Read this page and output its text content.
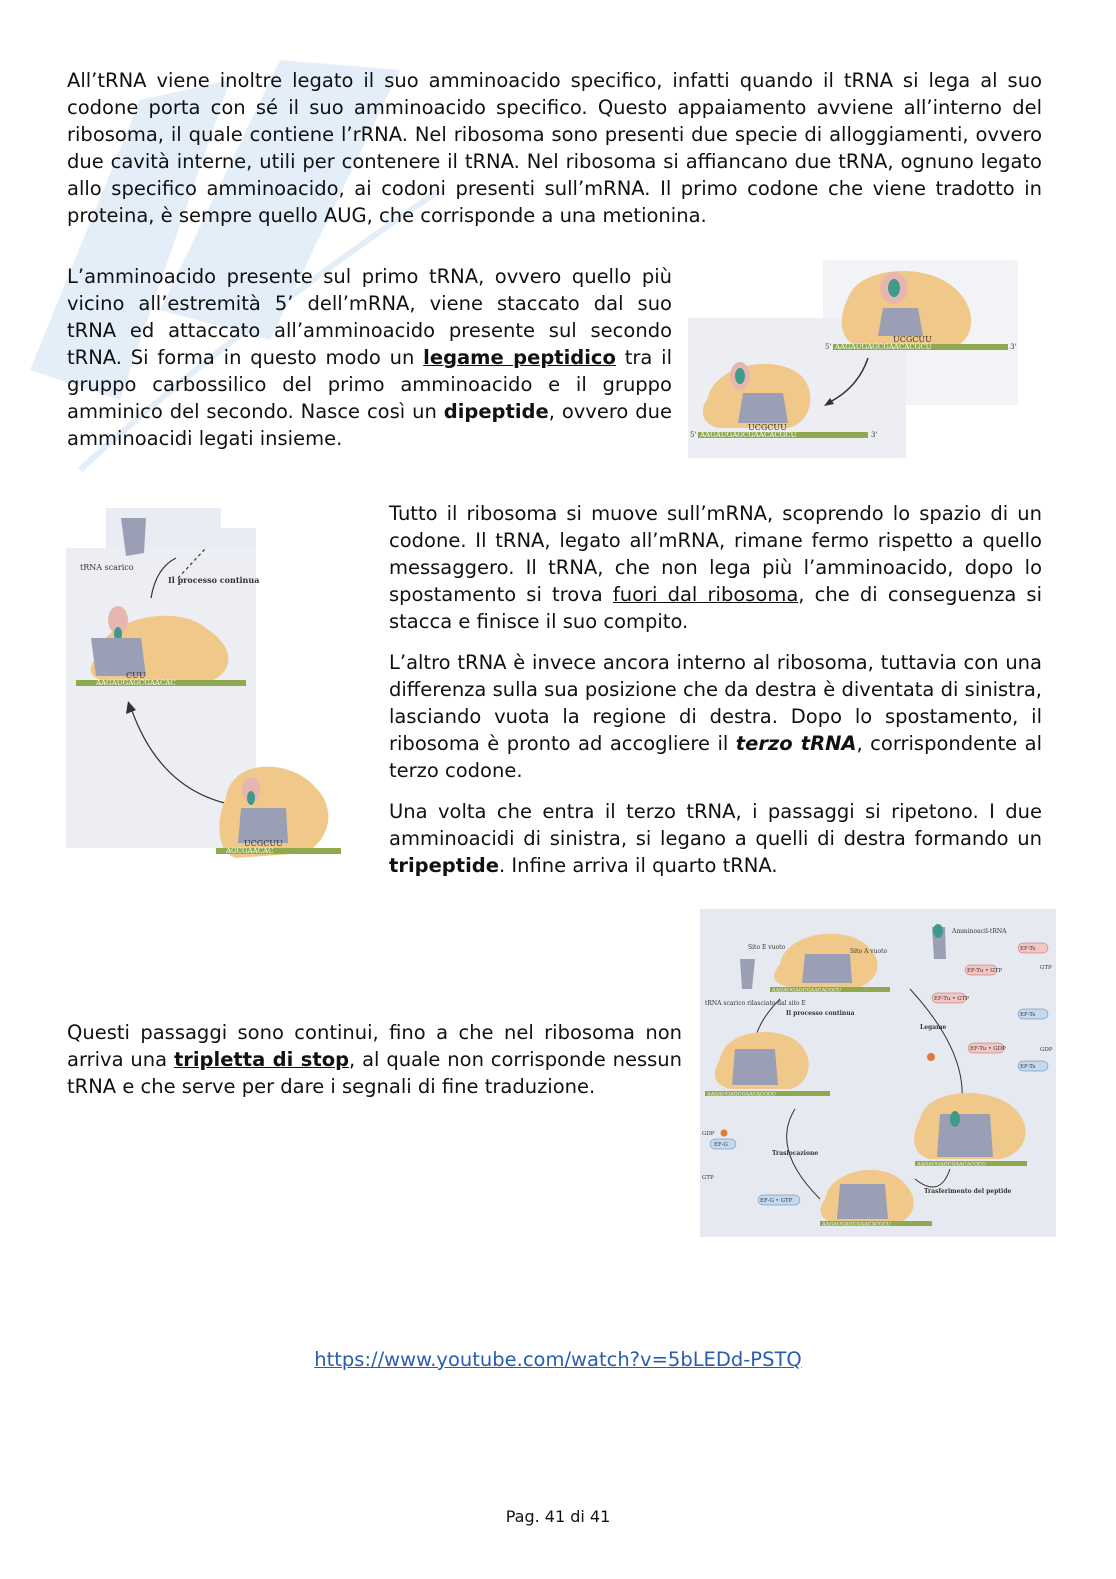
All’tRNA viene inoltre legato il suo amminoacido specifico, infatti quando il tRNA si lega al suo codone porta con sé il suo amminoacido specifico. Questo appaiamento avviene all’interno del ribosoma, il quale contiene l’rRNA. Nel ribosoma sono presenti due specie di alloggiamenti, ovvero due cavità interne, utili per contenere il tRNA. Nel ribosoma si affiancano due tRNA, ognuno legato allo specifico amminoacido, ai codoni presenti sull’mRNA. Il primo codone che viene tradotto in proteina, è sempre quello AUG, che corrisponde a una metionina.

L’amminoacido presente sul primo tRNA, ovvero quello più vicino all’estremità 5’ dell’mRNA, viene staccato dal suo tRNA ed attaccato all’amminoacido presente sul secondo tRNA. Si forma in questo modo un legame peptidico tra il gruppo carbossilico del primo amminoacido e il gruppo amminico del secondo. Nasce così un dipeptide, ovvero due amminoacidi legati insieme.

UCGCUU
AAGAUGAGCGAACACGCU
5'	3'
UCGCUU
AAGAUGAGCGAACACGCU
5'	3'
tRNA scarico
Il processo continua
CUU
AAGAUGAGCGAACAC
UCGCUU
AGCGAACAC

Tutto il ribosoma si muove sull’mRNA, scoprendo lo spazio di un codone. Il tRNA, legato all’mRNA, rimane fermo rispetto a quello messaggero. Il tRNA, che non lega più l’amminoacido, dopo lo spostamento si trova fuori dal ribosoma, che di conseguenza si stacca e finisce il suo compito.

L’altro tRNA è invece ancora interno al ribosoma, tuttavia con una differenza sulla sua posizione che da destra è diventata di sinistra, lasciando vuota la regione di destra. Dopo lo spostamento, il ribosoma è pronto ad accogliere il terzo tRNA, corrispondente al terzo codone.

Una volta che entra il terzo tRNA, i passaggi si ripetono. I due amminoacidi di sinistra, si legano a quelli di destra formando un tripeptide. Infine arriva il quarto tRNA.

Questi passaggi sono continui, fino a che nel ribosoma non arriva una tripletta di stop, al quale non corrisponde nessun tRNA e che serve per dare i segnali di fine traduzione.

Sito E vuoto
Sito A vuoto
AAGAUGAGCGAACACGCU
tRNA scarico rilasciato dal sito E
Il processo continua
Amminoacil-tRNA
EF-Tu • GTP
EF-Ts
GTP
EF-Tu • GTP
EF-Ts
Legame
EF-Tu • GDP	GDP
EF-Ts
AAGAUGAGCGAACACGCU
AAGAUGAGCGAACACGCU
GDP
EF-G
Traslocazione
GTP
EF-G • GTP
Trasferimento del peptide
AAGAUGAGCGAACACGCU
https://www.youtube.com/watch?v=5bLEDd-PSTQ
Pag. 41 di 41
